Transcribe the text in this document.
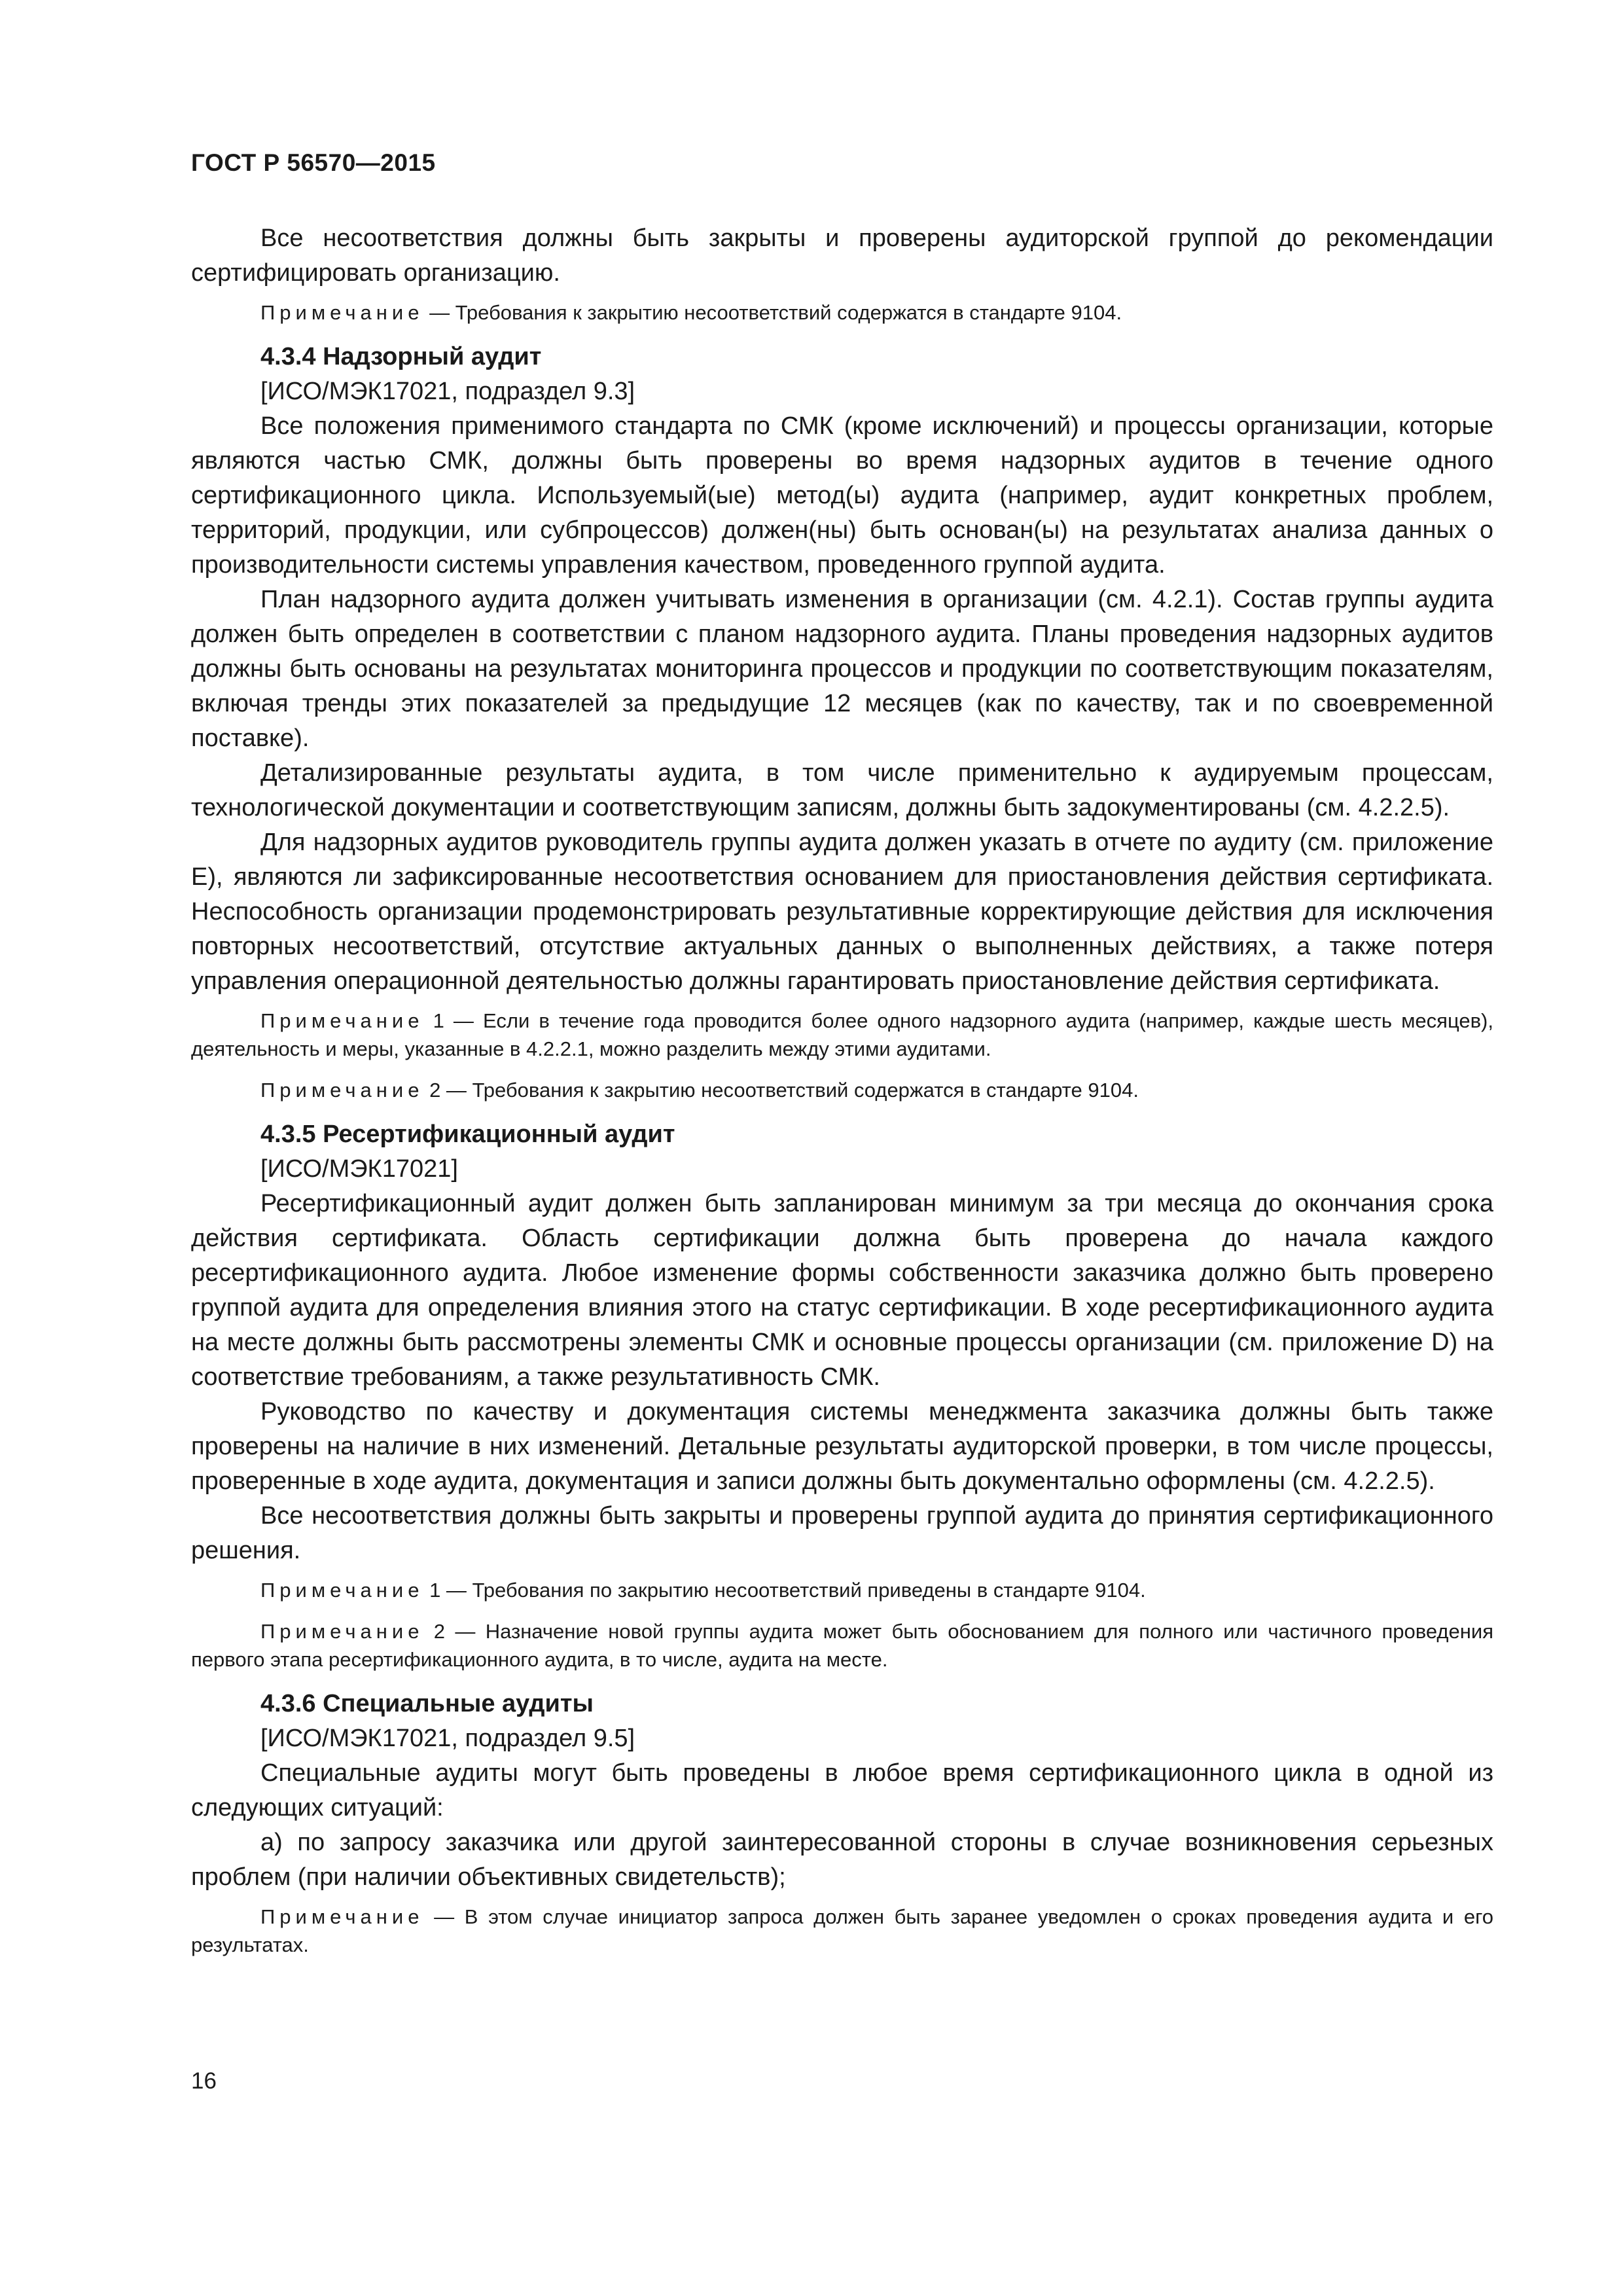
ГОСТ Р 56570—2015

Все несоответствия должны быть закрыты и проверены аудиторской группой до рекомендации сертифицировать организацию.

Примечание — Требования к закрытию несоответствий содержатся в стандарте 9104.

4.3.4 Надзорный аудит

[ИСО/МЭК17021, подраздел 9.3]

Все положения применимого стандарта по СМК (кроме исключений) и процессы организации, которые являются частью СМК, должны быть проверены во время надзорных аудитов в течение одного сертификационного цикла. Используемый(ые) метод(ы) аудита (например, аудит конкретных проблем, территорий, продукции, или субпроцессов) должен(ны) быть основан(ы) на результатах анализа данных о производительности системы управления качеством, проведенного группой аудита.

План надзорного аудита должен учитывать изменения в организации (см. 4.2.1). Состав группы аудита должен быть определен в соответствии с планом надзорного аудита. Планы проведения надзорных аудитов должны быть основаны на результатах мониторинга процессов и продукции по соответствующим показателям, включая тренды этих показателей за предыдущие 12 месяцев (как по качеству, так и по своевременной поставке).

Детализированные результаты аудита, в том числе применительно к аудируемым процессам, технологической документации и соответствующим записям, должны быть задокументированы (см. 4.2.2.5).

Для надзорных аудитов руководитель группы аудита должен указать в отчете по аудиту (см. приложение Е), являются ли зафиксированные несоответствия основанием для приостановления действия сертификата. Неспособность организации продемонстрировать результативные корректирующие действия для исключения повторных несоответствий, отсутствие актуальных данных о выполненных действиях, а также потеря управления операционной деятельностью должны гарантировать приостановление действия сертификата.

Примечание 1 — Если в течение года проводится более одного надзорного аудита (например, каждые шесть месяцев), деятельность и меры, указанные в 4.2.2.1, можно разделить между этими аудитами.

Примечание 2 — Требования к закрытию несоответствий содержатся в стандарте 9104.

4.3.5 Ресертификационный аудит

[ИСО/МЭК17021]

Ресертификационный аудит должен быть запланирован минимум за три месяца до окончания срока действия сертификата. Область сертификации должна быть проверена до начала каждого ресертификационного аудита. Любое изменение формы собственности заказчика должно быть проверено группой аудита для определения влияния этого на статус сертификации. В ходе ресертификационного аудита на месте должны быть рассмотрены элементы СМК и основные процессы организации (см. приложение D) на соответствие требованиям, а также результативность СМК.

Руководство по качеству и документация системы менеджмента заказчика должны быть также проверены на наличие в них изменений. Детальные результаты аудиторской проверки, в том числе процессы, проверенные в ходе аудита, документация и записи должны быть документально оформлены (см. 4.2.2.5).

Все несоответствия должны быть закрыты и проверены группой аудита до принятия сертификационного решения.

Примечание 1 — Требования по закрытию несоответствий приведены в стандарте 9104.

Примечание 2 — Назначение новой группы аудита может быть обоснованием для полного или частичного проведения первого этапа ресертификационного аудита, в то числе, аудита на месте.

4.3.6 Специальные аудиты

[ИСО/МЭК17021, подраздел 9.5]

Специальные аудиты могут быть проведены в любое время сертификационного цикла в одной из следующих ситуаций:

а) по запросу заказчика или другой заинтересованной стороны в случае возникновения серьезных проблем (при наличии объективных свидетельств);

Примечание — В этом случае инициатор запроса должен быть заранее уведомлен о сроках проведения аудита и его результатах.

16
